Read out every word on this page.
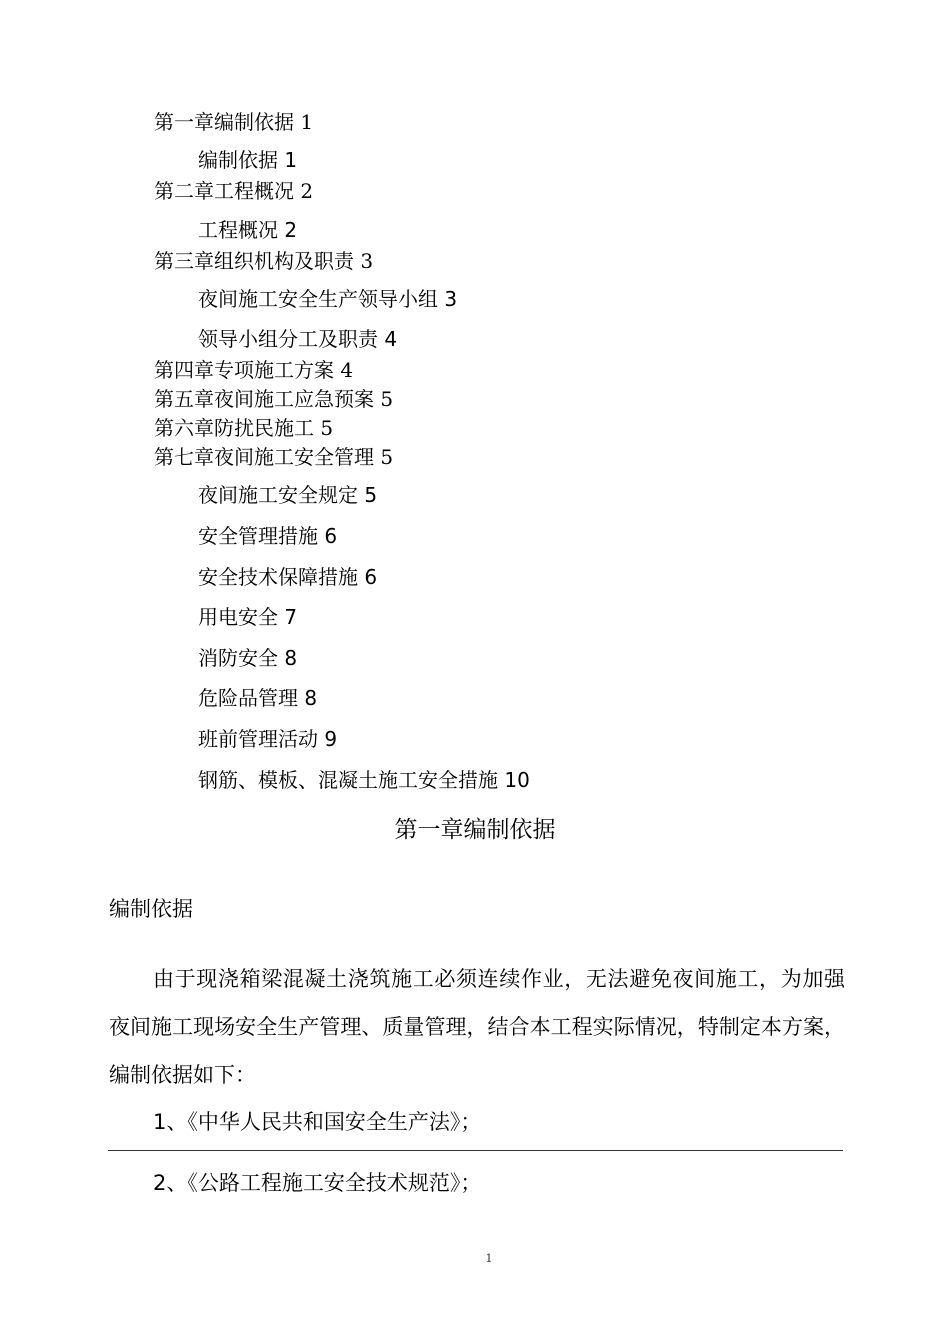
第一章编制依据 1
编制依据 1
第二章工程概况 2
工程概况 2
第三章组织机构及职责 3
夜间施工安全生产领导小组 3
领导小组分工及职责 4
第四章专项施工方案 4
第五章夜间施工应急预案 5
第六章防扰民施工 5
第七章夜间施工安全管理 5
夜间施工安全规定 5
安全管理措施 6
安全技术保障措施 6
用电安全 7
消防安全 8
危险品管理 8
班前管理活动 9
钢筋、模板、混凝土施工安全措施 10
第一章编制依据
编制依据

由于现浇箱梁混凝土浇筑施工必须连续作业，无法避免夜间施工，为加强夜间施工现场安全生产管理、质量管理，结合本工程实际情况，特制定本方案，编制依据如下：

1、《中华人民共和国安全生产法》；
2、《公路工程施工安全技术规范》；
1
